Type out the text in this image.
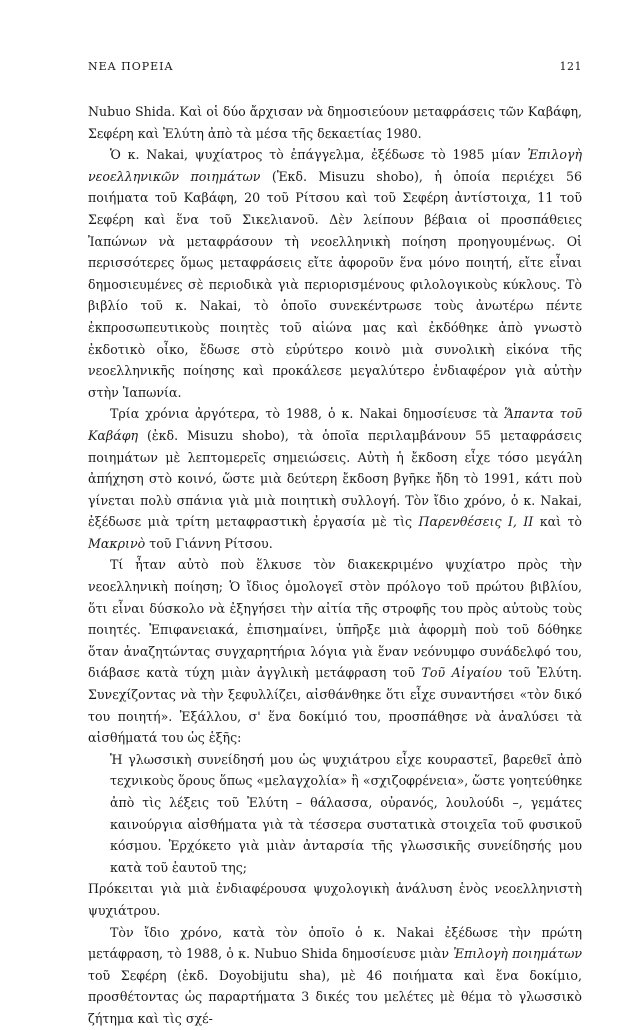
ΝΕΑ ΠΟΡΕΙΑ	121

Nubuo Shida. Καὶ οἱ δύο ἄρχισαν νὰ δημοσιεύουν μεταφράσεις τῶν Καβάφη, Σεφέρη καὶ Ἐλύτη ἀπὸ τὰ μέσα τῆς δεκαετίας 1980.

Ὁ κ. Nakai, ψυχίατρος τὸ ἐπάγγελμα, ἐξέδωσε τὸ 1985 μίαν Ἐπιλογὴ νεοελληνικῶν ποιημάτων (Ἐκδ. Misuzu shobo), ἡ ὁποία περιέχει 56 ποιήματα τοῦ Καβάφη, 20 τοῦ Ρίτσου καὶ τοῦ Σεφέρη ἀντίστοιχα, 11 τοῦ Σεφέρη καὶ ἕνα τοῦ Σικελιανοῦ. Δὲν λείπουν βέβαια οἱ προσπάθειες Ἰαπώνων νὰ μεταφράσουν τὴ νεοελληνικὴ ποίηση προηγουμένως. Οἱ περισσότερες ὅμως μεταφράσεις εἴτε ἀφοροῦν ἕνα μόνο ποιητή, εἴτε εἶναι δημοσιευμένες σὲ περιοδικὰ γιὰ περιορισμένους φιλολογικοὺς κύκλους. Τὸ βιβλίο τοῦ κ. Nakai, τὸ ὁποῖο συνεκέντρωσε τοὺς ἀνωτέρω πέντε ἐκπροσωπευτικοὺς ποιητὲς τοῦ αἰώνα μας καὶ ἐκδόθηκε ἀπὸ γνωστὸ ἐκδοτικὸ οἶκο, ἔδωσε στὸ εὐρύτερο κοινὸ μιὰ συνολικὴ εἰκόνα τῆς νεοελληνικῆς ποίησης καὶ προκάλεσε μεγαλύτερο ἐνδιαφέρον γιὰ αὐτὴν στὴν Ἰαπωνία.

Τρία χρόνια ἀργότερα, τὸ 1988, ὁ κ. Nakai δημοσίευσε τὰ Ἅπαντα τοῦ Καβάφη (ἐκδ. Misuzu shobo), τὰ ὁποῖα περιλαμβάνουν 55 μεταφράσεις ποιημάτων μὲ λεπτομερεῖς σημειώσεις. Αὐτὴ ἡ ἔκδοση εἶχε τόσο μεγάλη ἀπήχηση στὸ κοινό, ὥστε μιὰ δεύτερη ἔκδοση βγῆκε ἤδη τὸ 1991, κάτι ποὺ γίνεται πολὺ σπάνια γιὰ μιὰ ποιητικὴ συλλογή. Τὸν ἴδιο χρόνο, ὁ κ. Nakai, ἐξέδωσε μιὰ τρίτη μεταφραστικὴ ἐργασία μὲ τὶς Παρενθέσεις Ι, ΙΙ καὶ τὸ Μακρινὸ τοῦ Γιάννη Ρίτσου.

Τί ἦταν αὐτὸ ποὺ ἕλκυσε τὸν διακεκριμένο ψυχίατρο πρὸς τὴν νεοελληνικὴ ποίηση; Ὁ ἴδιος ὁμολογεῖ στὸν πρόλογο τοῦ πρώτου βιβλίου, ὅτι εἶναι δύσκολο νὰ ἐξηγήσει τὴν αἰτία τῆς στροφῆς του πρὸς αὐτοὺς τοὺς ποιητές. Ἐπιφανειακά, ἐπισημαίνει, ὑπῆρξε μιὰ ἀφορμὴ ποὺ τοῦ δόθηκε ὅταν ἀναζητώντας συγχαρητήρια λόγια γιὰ ἕναν νεόνυμφο συνάδελφό του, διάβασε κατὰ τύχη μιὰν ἀγγλικὴ μετάφραση τοῦ Τοῦ Αἰγαίου τοῦ Ἐλύτη. Συνεχίζοντας νὰ τὴν ξεφυλλίζει, αἰσθάνθηκε ὅτι εἶχε συναντήσει «τὸν δικό του ποιητή». Ἐξάλλου, σ' ἕνα δοκίμιό του, προσπάθησε νὰ ἀναλύσει τὰ αἰσθήματά του ὡς ἑξῆς:

Ἡ γλωσσικὴ συνείδησή μου ὡς ψυχιάτρου εἶχε κουραστεῖ, βαρεθεῖ ἀπὸ τεχνικοὺς ὅρους ὅπως «μελαγχολία» ἢ «σχιζοφρένεια», ὥστε γοητεύθηκε ἀπὸ τὶς λέξεις τοῦ Ἐλύτη – θάλασσα, οὐρανός, λουλούδι –, γεμάτες καινούργια αἰσθήματα γιὰ τὰ τέσσερα συστατικὰ στοιχεῖα τοῦ φυσικοῦ κόσμου. Ἐρχόκετο γιὰ μιὰν ἀνταρσία τῆς γλωσσικῆς συνείδησής μου κατὰ τοῦ ἑαυτοῦ της;

Πρόκειται γιὰ μιὰ ἐνδιαφέρουσα ψυχολογικὴ ἀνάλυση ἑνὸς νεοελληνιστὴ ψυχιάτρου.

Τὸν ἴδιο χρόνο, κατὰ τὸν ὁποῖο ὁ κ. Nakai ἐξέδωσε τὴν πρώτη μετάφραση, τὸ 1988, ὁ κ. Nubuo Shida δημοσίευσε μιὰν Ἐπιλογὴ ποιημάτων τοῦ Σεφέρη (ἐκδ. Doyobijutu sha), μὲ 46 ποιήματα καὶ ἕνα δοκίμιο, προσθέτοντας ὡς παραρτήματα 3 δικές του μελέτες μὲ θέμα τὸ γλωσσικὸ ζήτημα καὶ τὶς σχέ-
